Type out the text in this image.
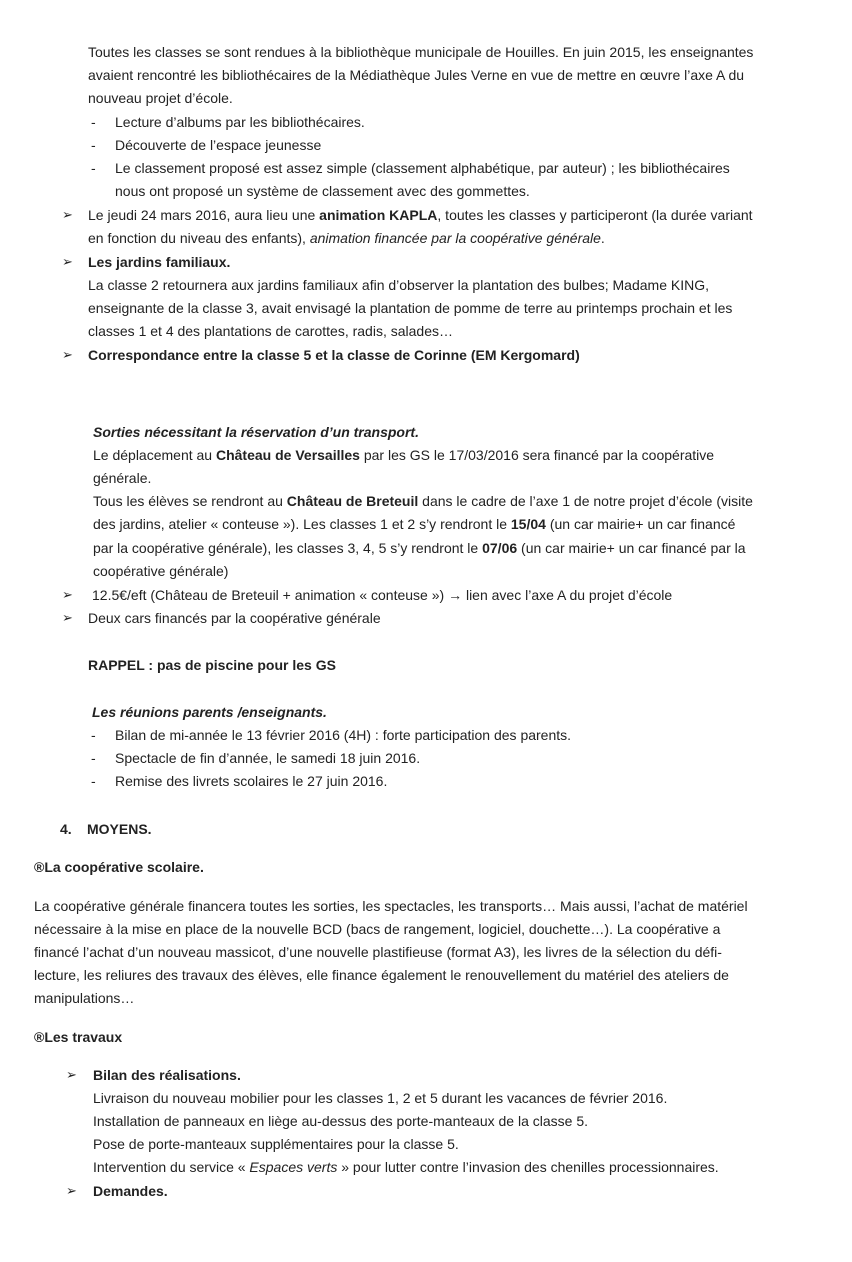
Toutes les classes se sont rendues à la bibliothèque municipale de Houilles. En juin 2015, les enseignantes
avaient rencontré les bibliothécaires de la Médiathèque Jules Verne en vue de mettre en œuvre l’axe A du
nouveau projet d’école.
- Lecture d’albums par les bibliothécaires.
- Découverte de l’espace jeunesse
- Le classement proposé est assez simple (classement alphabétique, par auteur) ; les bibliothécaires
nous ont proposé un système de classement avec des gommettes.
➢ Le jeudi 24 mars 2016, aura lieu une animation KAPLA, toutes les classes y participeront (la durée variant
en fonction du niveau des enfants), animation financée par la coopérative générale.
➢ Les jardins familiaux.
La classe 2 retournera aux jardins familiaux afin d’observer la plantation des bulbes; Madame KING,
enseignante de la classe 3, avait envisagé la plantation de pomme de terre au printemps prochain et les
classes 1 et 4 des plantations de carottes, radis, salades…
➢ Correspondance entre la classe 5 et la classe de Corinne (EM Kergomard)
Sorties nécessitant la réservation d’un transport.
Le déplacement au Château de Versailles par les GS le 17/03/2016 sera financé par la coopérative
générale.
Tous les élèves se rendront au Château de Breteuil dans le cadre de l’axe 1 de notre projet d’école (visite
des jardins, atelier « conteuse »). Les classes 1 et 2 s’y rendront le 15/04 (un car mairie+ un car financé
par la coopérative générale), les classes 3, 4, 5 s’y rendront le 07/06 (un car mairie+ un car financé par la
coopérative générale)
➢ 12.5€/eft (Château de Breteuil + animation « conteuse ») → lien avec l’axe A du projet d’école
➢ Deux cars financés par la coopérative générale
RAPPEL : pas de piscine pour les GS
Les réunions parents /enseignants.
- Bilan de mi-année le 13 février 2016 (4H) : forte participation des parents.
- Spectacle de fin d’année, le samedi 18 juin 2016.
- Remise des livrets scolaires le 27 juin 2016.
4. MOYENS.
®La coopérative scolaire.
La coopérative générale financera toutes les sorties, les spectacles, les transports… Mais aussi, l’achat de matériel
nécessaire à la mise en place de la nouvelle BCD (bacs de rangement, logiciel, douchette…). La coopérative a
financé l’achat d’un nouveau massicot, d’une nouvelle plastifieuse (format A3), les livres de la sélection du défi-
lecture, les reliures des travaux des élèves, elle finance également le renouvellement du matériel des ateliers de
manipulations…
®Les travaux
➢ Bilan des réalisations.
Livraison du nouveau mobilier pour les classes 1, 2 et 5 durant les vacances de février 2016.
Installation de panneaux en liège au-dessus des porte-manteaux de la classe 5.
Pose de porte-manteaux supplémentaires pour la classe 5.
Intervention du service « Espaces verts » pour lutter contre l’invasion des chenilles processionnaires.
➢ Demandes.
